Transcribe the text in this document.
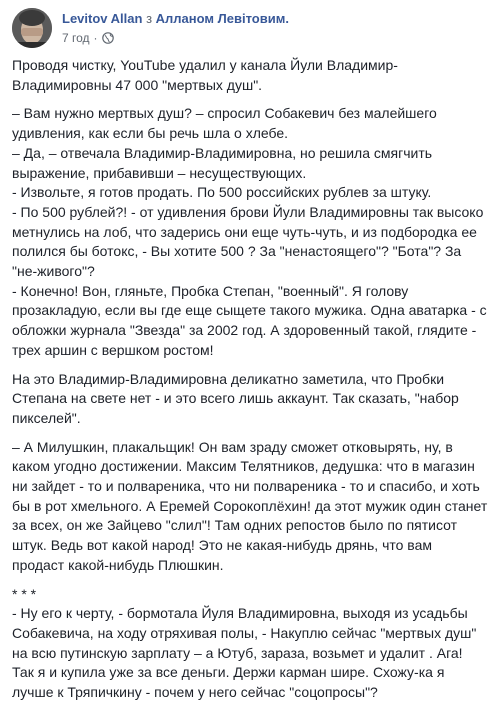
Levitov Allan з Алланом Левітовим.
7 год ·

Проводя чистку, YouTube удалил у канала Йули Владимир-Владимировны 47 000 "мертвых душ".

– Вам нужно мертвых душ? – спросил Собакевич без малейшего удивления, как если бы речь шла о хлебе.

– Да, – отвечала Владимир-Владимировна, но решила смягчить выражение, прибавивши – несуществующих.

- Извольте, я готов продать. По 500 российских рублев за штуку.

- По 500 рублей?! - от удивления брови Йули Владимировны так высоко метнулись на лоб, что задерись они еще чуть-чуть, и из подбородка ее полился бы ботокс, - Вы хотите 500 ? За "ненастоящего"? "Бота"? За "не-живого"?

- Конечно! Вон, гляньте, Пробка Степан, "военный". Я голову прозакладую, если вы где еще сыщете такого мужика. Одна аватарка - с обложки журнала "Звезда" за 2002 год. А здоровенный такой, глядите - трех аршин с вершком ростом!

На это Владимир-Владимировна деликатно заметила, что Пробки Степана на свете нет - и это всего лишь аккаунт. Так сказать, "набор пикселей".

– А Милушкин, плакальщик! Он вам зраду сможет отковырять, ну, в каком угодно достижении. Максим Телятников, дедушка: что в магазин ни зайдет - то и полвареника, что ни полвареника - то и спасибо, и хоть бы в рот хмельного. А Еремей Сорокоплёхин! да этот мужик один станет за всех, он же Зайцево "слил"! Там одних репостов было по пятисот штук. Ведь вот какой народ! Это не какая-нибудь дрянь, что вам продаст какой-нибудь Плюшкин.

* * *

- Ну его к черту, - бормотала Йуля Владимировна, выходя из усадьбы Собакевича, на ходу отряхивая полы, - Накуплю сейчас "мертвых душ" на всю путинскую зарплату – а Ютуб, зараза, возьмет и удалит . Ага! Так я и купила уже за все деньги. Держи карман шире. Схожу-ка я лучше к Тряпичкину - почем у него сейчас "соцопросы"?
